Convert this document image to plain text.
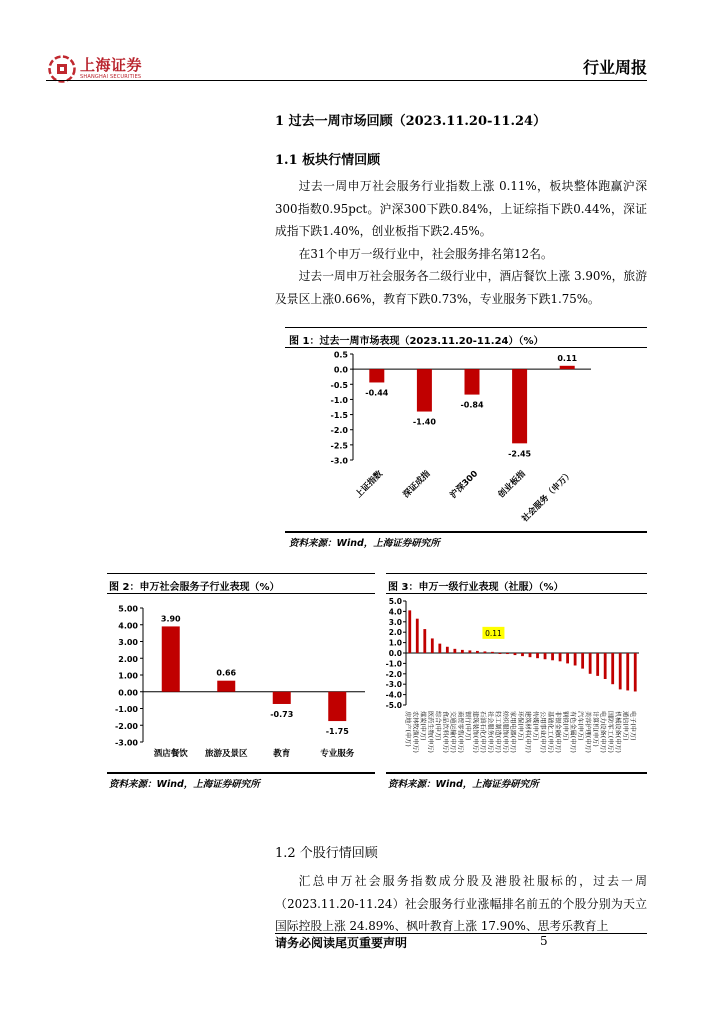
上海证券
SHANGHAI SECURITIES	行业周报
1 过去一周市场回顾（2023.11.20-11.24）
1.1 板块行情回顾
过去一周申万社会服务行业指数上涨 0.11%，板块整体跑赢沪深300指数0.95pct。沪深300下跌0.84%，上证综指下跌0.44%，深证成指下跌1.40%，创业板指下跌2.45%。
在31个申万一级行业中，社会服务排名第12名。
过去一周申万社会服务各二级行业中，酒店餐饮上涨 3.90%，旅游及景区上涨0.66%，教育下跌0.73%，专业服务下跌1.75%。
图 1：过去一周市场表现（2023.11.20-11.24）（%）
0.5
0.0
-0.5
-1.0
-1.5
-2.0
-2.5
-3.0
-0.44
上证指数
-1.40
深证成指
-0.84
沪深300
-2.45
创业板指
0.11
社会服务（申万）
资料来源：Wind，上海证券研究所
图 2：申万社会服务子行业表现（%）
5.00
4.00
3.00
2.00
1.00
0.00
-1.00
-2.00
-3.00
3.90
酒店餐饮
0.66
旅游及景区
-0.73
教育
-1.75
专业服务
资料来源：Wind，上海证券研究所
图 3：申万一级行业表现（社服）（%）
5.0
4.0
3.0
2.0
1.0
0.0
-1.0
-2.0
-3.0
-4.0
-5.0
房地产(申万) 农林牧渔(申万) 煤炭(申万) 医药生物(申万) 综合(申万) 食品饮料(申万) 交通运输(申万) 商贸零售(申万) 银行(申万) 建筑装饰(申万) 石油石化(申万) 社会服务(申万) 轻工制造(申万) 纺织服饰(申万) 家用电器(申万) 环保(申万) 建筑材料(申万) 传媒(申万) 公用事业(申万) 基础化工(申万) 非银金融(申万) 钢铁(申万) 有色金属(申万) 汽车(申万) 美容护理(申万) 计算机(申万) 电力设备(申万) 国防军工(申万) 机械设备(申万) 通信(申万) 电子(申万)
0.11
资料来源：Wind，上海证券研究所
1.2 个股行情回顾
汇总申万社会服务指数成分股及港股社服标的，过去一周（2023.11.20-11.24）社会服务行业涨幅排名前五的个股分别为天立国际控股上涨 24.89%、枫叶教育上涨 17.90%、思考乐教育上
请务必阅读尾页重要声明	5
